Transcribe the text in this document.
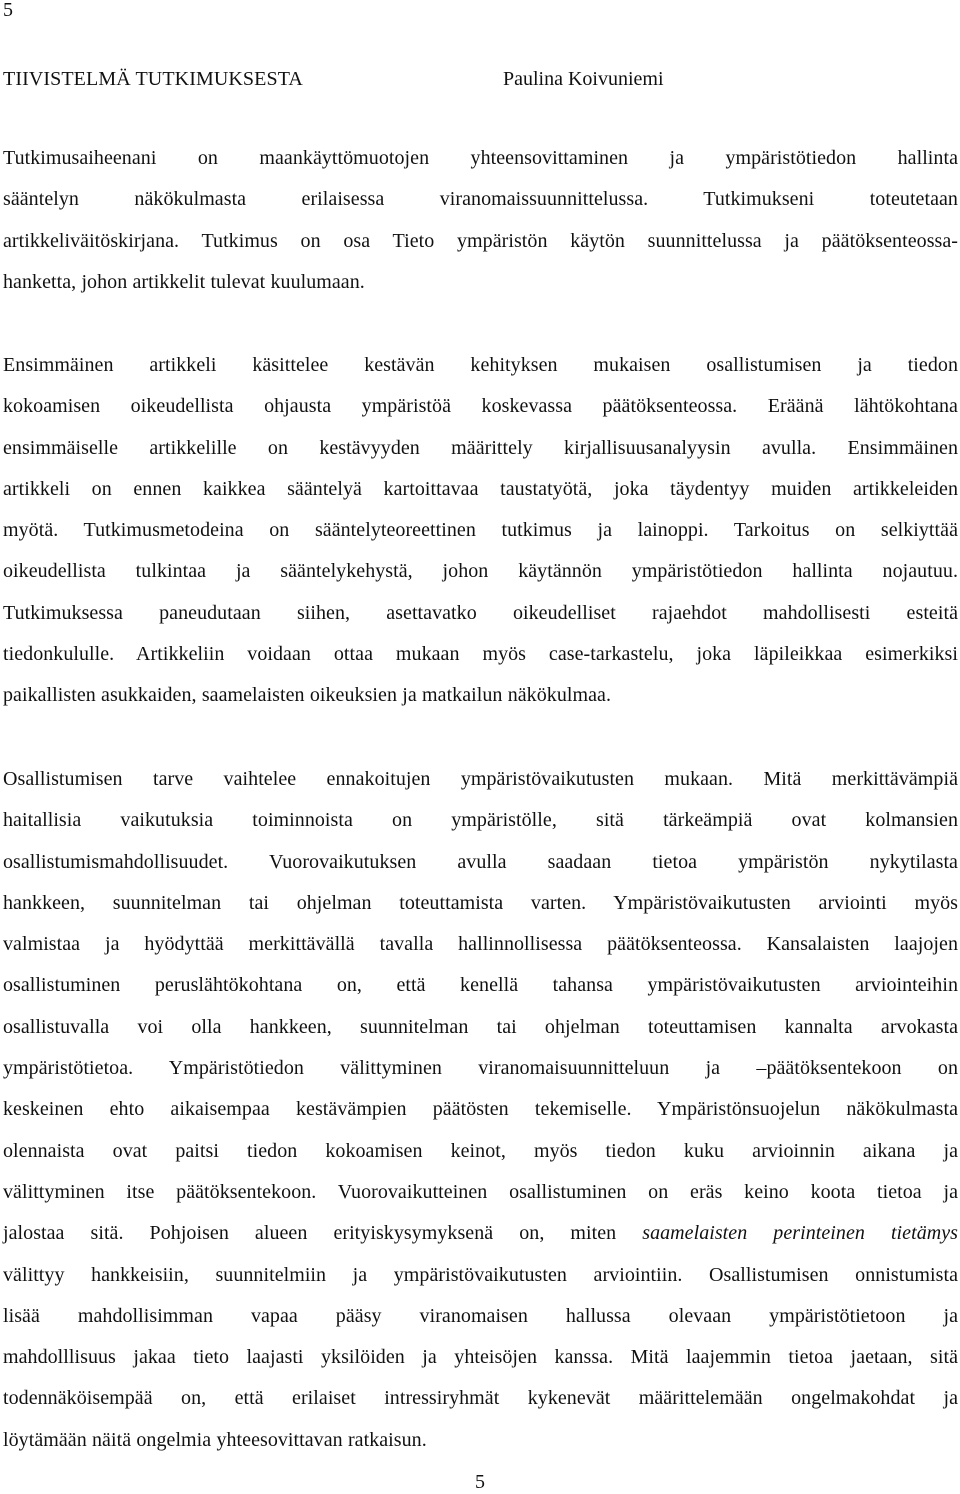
5
TIIVISTELMÄ TUTKIMUKSESTA	Paulina Koivuniemi
Tutkimusaiheenani on maankäyttömuotojen yhteensovittaminen ja ympäristötiedon hallinta
sääntelyn näkökulmasta erilaisessa viranomaissuunnittelussa. Tutkimukseni toteutetaan
artikkeliväitöskirjana. Tutkimus on osa Tieto ympäristön käytön suunnittelussa ja päätöksenteossa-
hanketta, johon artikkelit tulevat kuulumaan.
Ensimmäinen artikkeli käsittelee kestävän kehityksen mukaisen osallistumisen ja tiedon
kokoamisen oikeudellista ohjausta ympäristöä koskevassa päätöksenteossa. Eräänä lähtökohtana
ensimmäiselle artikkelille on kestävyyden määrittely kirjallisuusanalyysin avulla. Ensimmäinen
artikkeli on ennen kaikkea sääntelyä kartoittavaa taustatyötä, joka täydentyy muiden artikkeleiden
myötä. Tutkimusmetodeina on sääntelyteoreettinen tutkimus ja lainoppi. Tarkoitus on selkiyttää
oikeudellista tulkintaa ja sääntelykehystä, johon käytännön ympäristötiedon hallinta nojautuu.
Tutkimuksessa paneudutaan siihen, asettavatko oikeudelliset rajaehdot mahdollisesti esteitä
tiedonkululle. Artikkeliin voidaan ottaa mukaan myös case-tarkastelu, joka läpileikkaa esimerkiksi
paikallisten asukkaiden, saamelaisten oikeuksien ja matkailun näkökulmaa.
Osallistumisen tarve vaihtelee ennakoitujen ympäristövaikutusten mukaan. Mitä merkittävämpiä
haitallisia vaikutuksia toiminnoista on ympäristölle, sitä tärkeämpiä ovat kolmansien
osallistumismahdollisuudet. Vuorovaikutuksen avulla saadaan tietoa ympäristön nykytilasta
hankkeen, suunnitelman tai ohjelman toteuttamista varten. Ympäristövaikutusten arviointi myös
valmistaa ja hyödyttää merkittävällä tavalla hallinnollisessa päätöksenteossa. Kansalaisten laajojen
osallistuminen peruslähtökohtana on, että kenellä tahansa ympäristövaikutusten arviointeihin
osallistuvalla voi olla hankkeen, suunnitelman tai ohjelman toteuttamisen kannalta arvokasta
ympäristötietoa. Ympäristötiedon välittyminen viranomaisuunnitteluun ja –päätöksentekoon on
keskeinen ehto aikaisempaa kestävämpien päätösten tekemiselle. Ympäristönsuojelun näkökulmasta
olennaista ovat paitsi tiedon kokoamisen keinot, myös tiedon kuku arvioinnin aikana ja
välittyminen itse päätöksentekoon. Vuorovaikutteinen osallistuminen on eräs keino koota tietoa ja
jalostaa sitä. Pohjoisen alueen erityiskysymyksenä on, miten saamelaisten perinteinen tietämys
välittyy hankkeisiin, suunnitelmiin ja ympäristövaikutusten arviointiin. Osallistumisen onnistumista
lisää mahdollisimman vapaa pääsy viranomaisen hallussa olevaan ympäristötietoon ja
mahdolllisuus jakaa tieto laajasti yksilöiden ja yhteisöjen kanssa. Mitä laajemmin tietoa jaetaan, sitä
todennäköisempää on, että erilaiset intressiryhmät kykenevät määrittelemään ongelmakohdat ja
löytämään näitä ongelmia yhteesovittavan ratkaisun.
5
